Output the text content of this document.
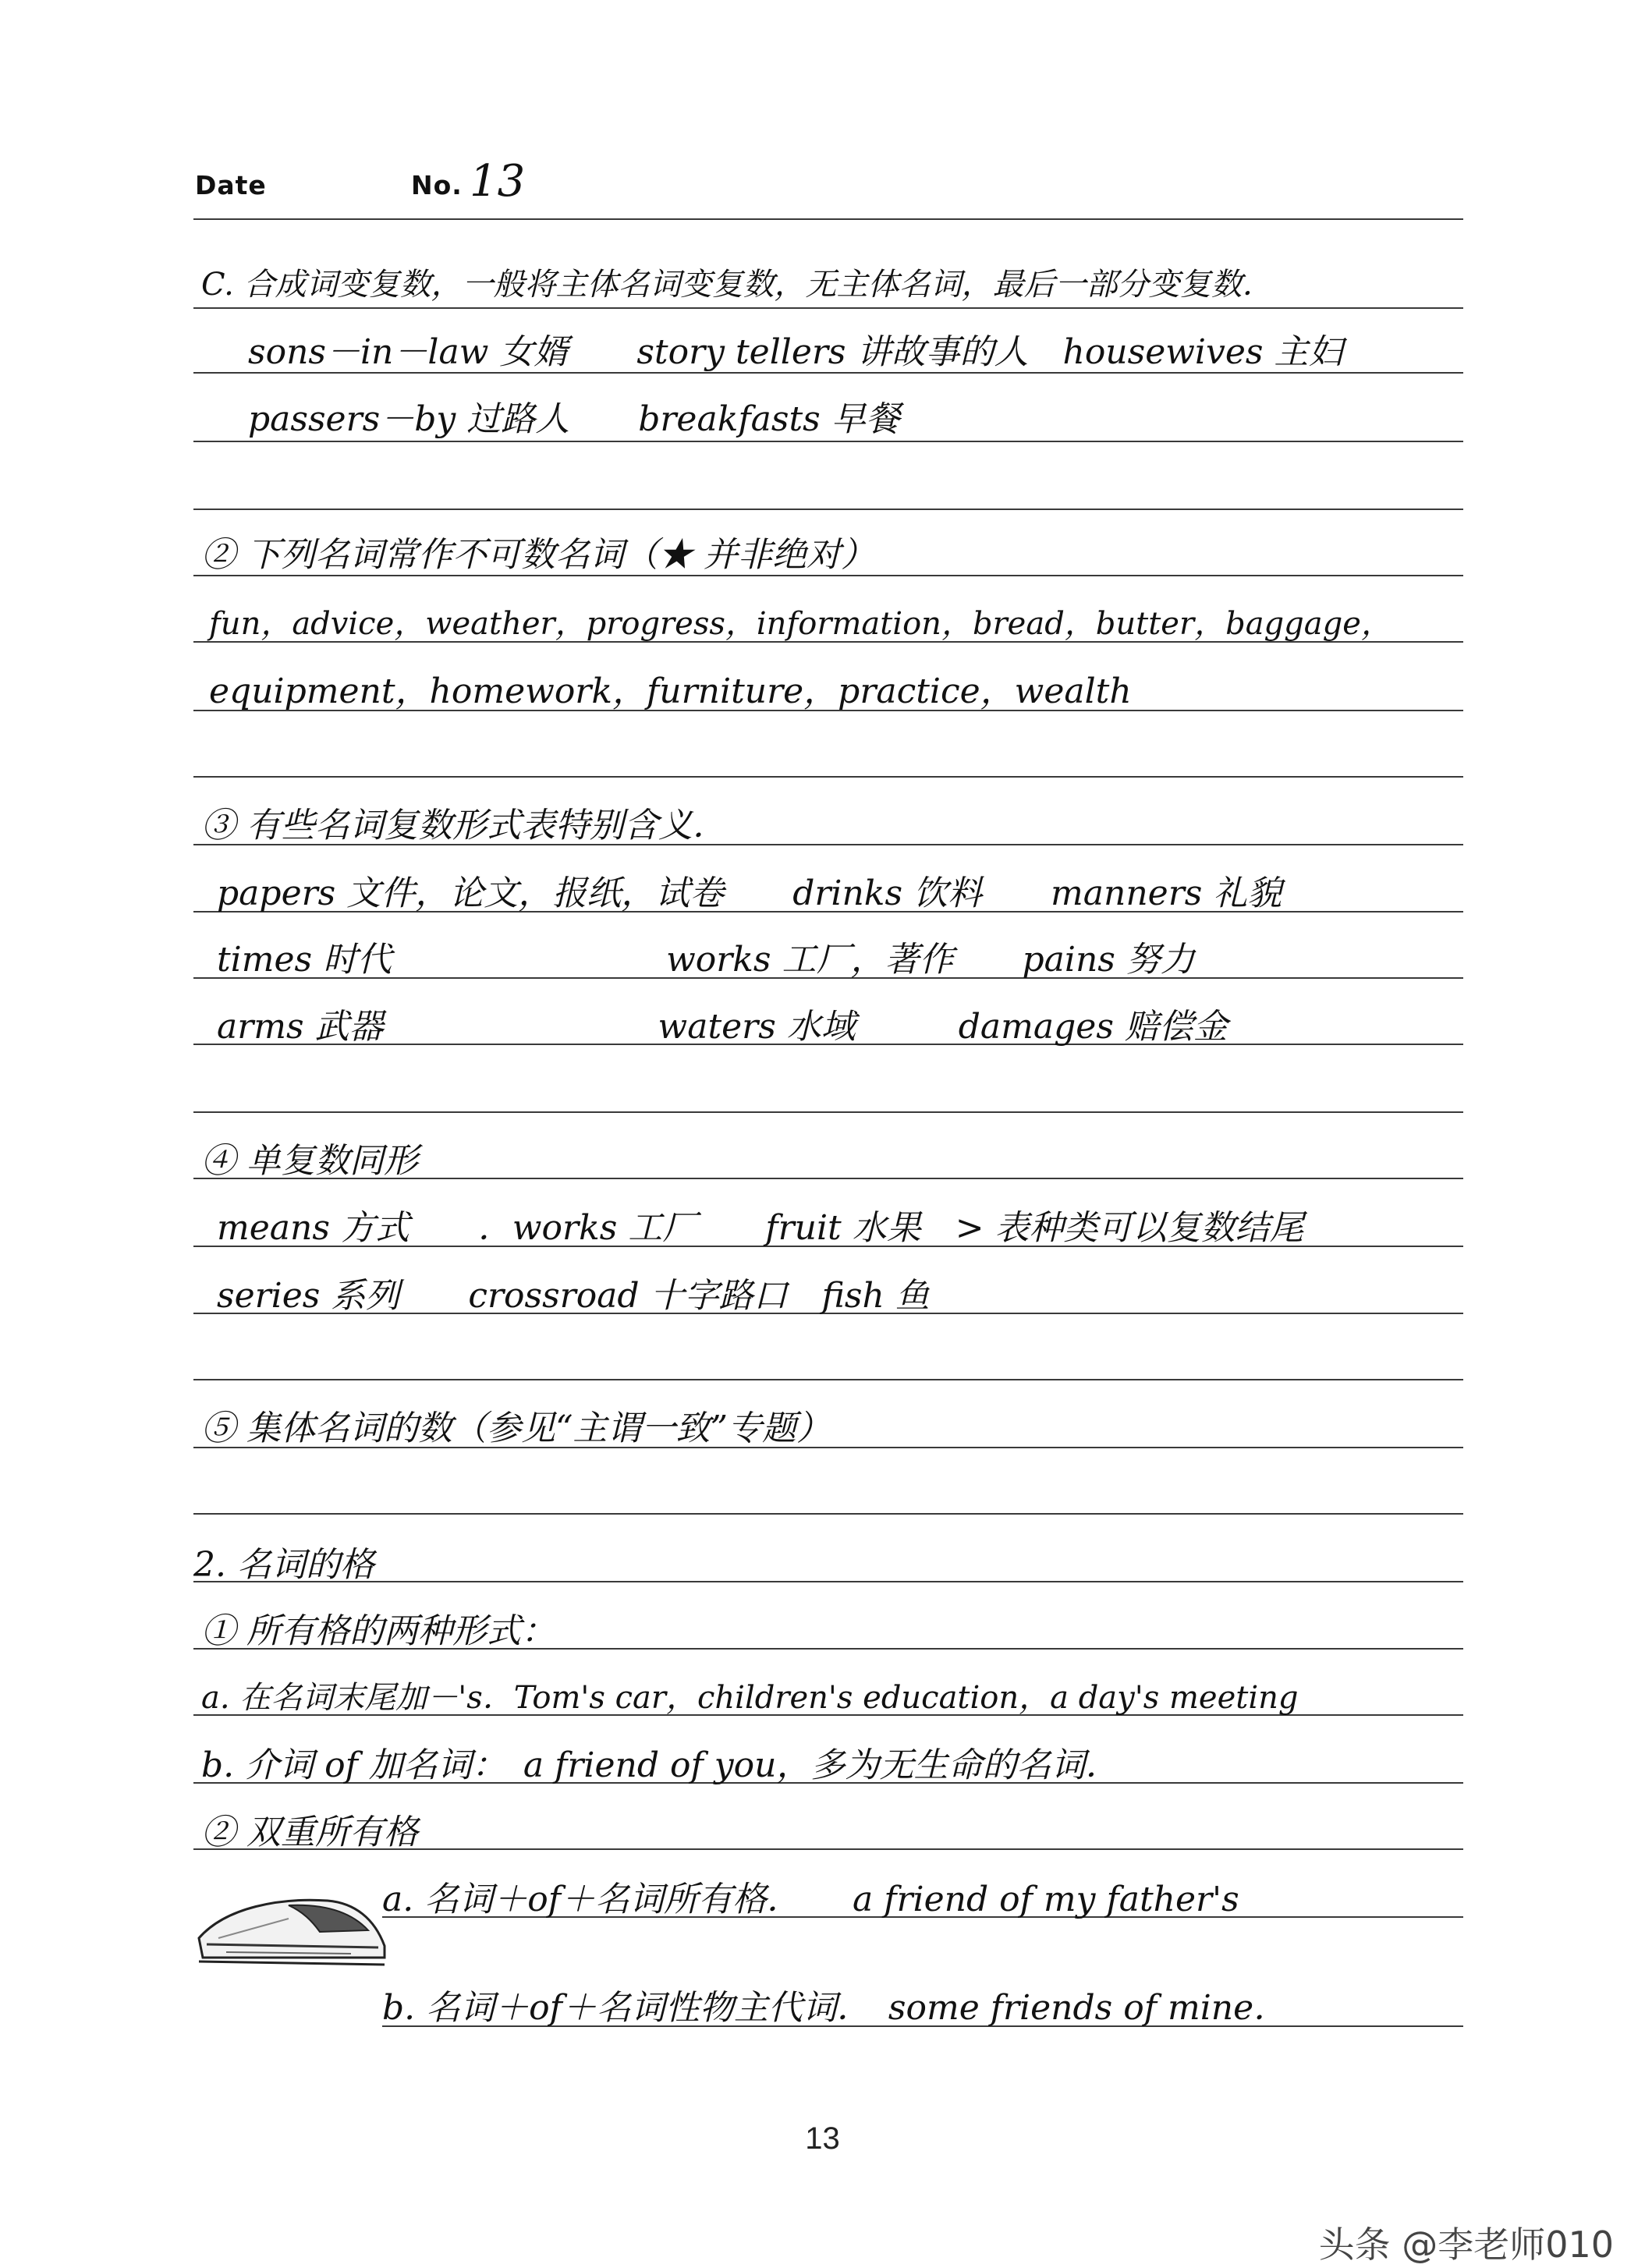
Date	No. 13
C. 合成词变复数，一般将主体名词变复数，无主体名词，最后一部分变复数．
sons－in－law 女婿　　story tellers 讲故事的人　housewives 主妇
passers－by 过路人　　breakfasts 早餐
② 下列名词常作不可数名词（★ 并非绝对）
fun，advice，weather，progress，information，bread，butter，baggage，
equipment，homework，furniture，practice，wealth
③ 有些名词复数形式表特别含义．
papers 文件，论文，报纸，试卷　　drinks 饮料　　manners 礼貌
times 时代　　　　　　　　works 工厂，著作　　pains 努力
arms 武器　　　　　　　　waters 水域　　　damages 赔偿金
④ 单复数同形
means 方式　　．works 工厂　　fruit 水果　> 表种类可以复数结尾
series 系列　　crossroad 十字路口　fish 鱼
⑤ 集体名词的数（参见“主谓一致”专题）
2. 名词的格
① 所有格的两种形式：
a. 在名词末尾加－'s．Tom's car，children's education，a day's meeting
b. 介词 of 加名词：　a friend of you，多为无生命的名词．
② 双重所有格
a. 名词＋of＋名词所有格．　　a friend of my father's
b. 名词＋of＋名词性物主代词．　some friends of mine．
13
头条 @李老师010
